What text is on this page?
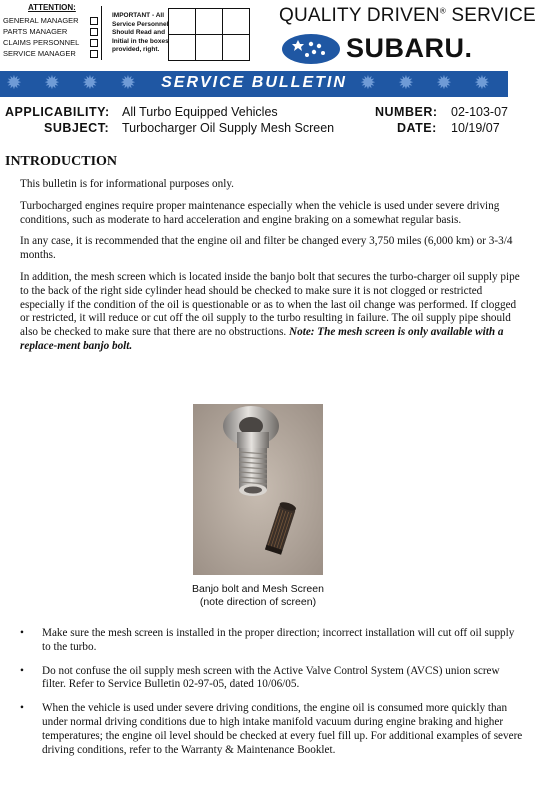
ATTENTION:
GENERAL MANAGER
PARTS MANAGER
CLAIMS PERSONNEL
SERVICE MANAGER
IMPORTANT - All Service Personnel Should Read and Initial in the boxes provided, right.

QUALITY DRIVEN® SERVICE
SUBARU.
✹ ✹ ✹ ✹	✹ ✹ ✹ ✹
SERVICE BULLETIN
APPLICABILITY: All Turbo Equipped Vehicles
SUBJECT: Turbocharger Oil Supply Mesh Screen
NUMBER: 02-103-07
DATE: 10/19/07
INTRODUCTION

This bulletin is for informational purposes only.

Turbocharged engines require proper maintenance especially when the vehicle is used under severe driving conditions, such as moderate to hard acceleration and engine braking on a somewhat regular basis.

In any case, it is recommended that the engine oil and filter be changed every 3,750 miles (6,000 km) or 3-3/4 months.

In addition, the mesh screen which is located inside the banjo bolt that secures the turbo-charger oil supply pipe to the back of the right side cylinder head should be checked to make sure it is not clogged or restricted especially if the condition of the oil is questionable or as to when the last oil change was performed. If clogged or restricted, it will reduce or cut off the oil supply to the turbo resulting in failure. The oil supply pipe should also be checked to make sure that there are no obstructions. Note: The mesh screen is only available with a replace-ment banjo bolt.

Banjo bolt and Mesh Screen
(note direction of screen)
•	Make sure the mesh screen is installed in the proper direction; incorrect installation will cut off oil supply to the turbo.
•	Do not confuse the oil supply mesh screen with the Active Valve Control System (AVCS) union screw filter. Refer to Service Bulletin 02-97-05, dated 10/06/05.
•	When the vehicle is used under severe driving conditions, the engine oil is consumed more quickly than under normal driving conditions due to high intake manifold vacuum during engine braking and higher temperatures; the engine oil level should be checked at every fuel fill up. For additional examples of severe driving conditions, refer to the Warranty & Maintenance Booklet.
